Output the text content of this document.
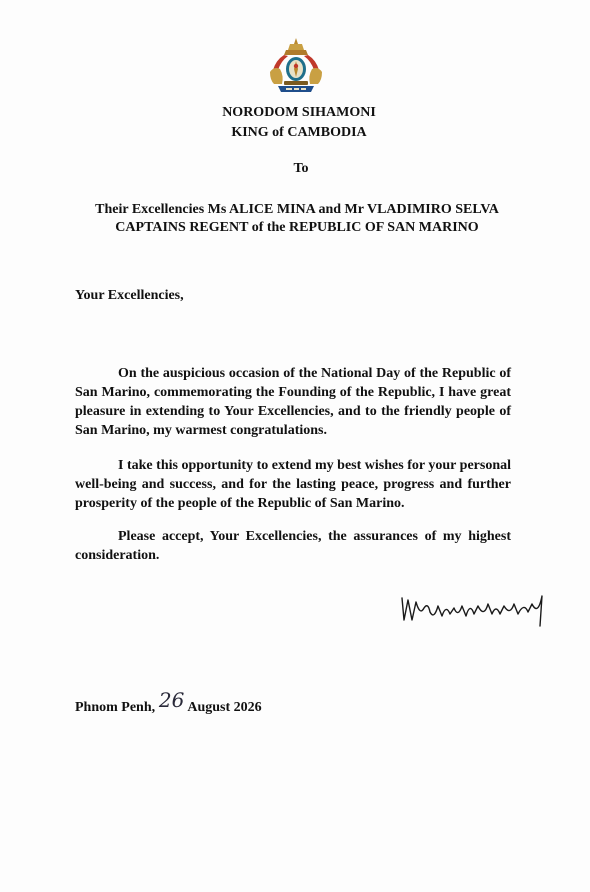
NORODOM SIHAMONI
KING of CAMBODIA
To
Their Excellencies Ms ALICE MINA and Mr VLADIMIRO SELVA
CAPTAINS REGENT of the REPUBLIC OF SAN MARINO
Your Excellencies,

On the auspicious occasion of the National Day of the Republic of San Marino, commemorating the Founding of the Republic, I have great pleasure in extending to Your Excellencies, and to the friendly people of San Marino, my warmest congratulations.

I take this opportunity to extend my best wishes for your personal well-being and success, and for the lasting peace, progress and further prosperity of the people of the Republic of San Marino.

Please accept, Your Excellencies, the assurances of my highest consideration.

Phnom Penh, 26 August 2026
